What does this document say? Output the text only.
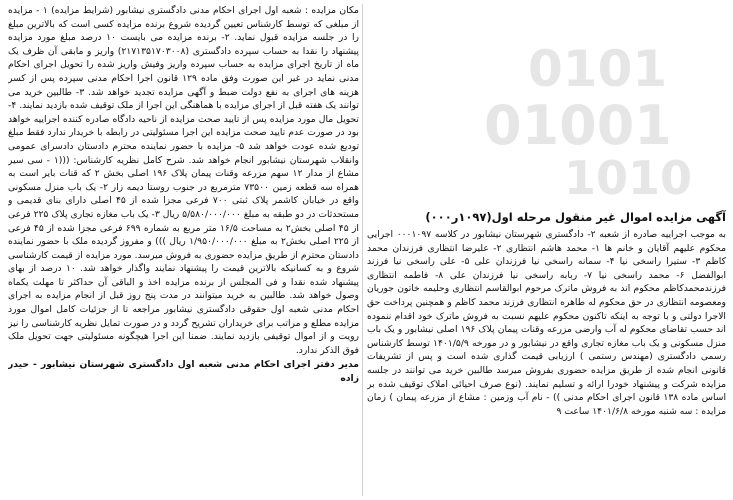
0101
01001
1010

مکان مزایده : شعبه اول اجرای احکام مدنی دادگستری نیشابور (شرایط مزایده) ۱ - مزایده از مبلغی که توسط کارشناس تعیین گردیده شروع برنده مزایده کسی است که بالاترین مبلغ را در جلسه مزایده قبول نماید. ۲- برنده مزایده می بایست ۱۰ درصد مبلغ مورد مزایده پیشنهاد را نقدا به حساب سپرده دادگستری (۲۱۷۱۳۵۱۷۰۳۰۰۸) واریز و مابقی آن ظرف یک ماه از تاریخ اجرای مزایده به حساب سپرده واریز وفیش واریز شده را تحویل اجرای احکام مدنی نماید در غیر این صورت وفق ماده ۱۲۹ قانون اجرا احکام مدنی سپرده پس از کسر هزینه های اجرای به نفع دولت ضبط و آگهی مزایده تجدید خواهد شد. ۳- طالبین خرید می توانند یک هفته قبل از اجرای مزایده با هماهنگی این اجرا از ملک توقیف شده بازدید نمایند. ۴- تحویل مال مورد مزایده پس از تایید صحت مزایده از ناحیه دادگاه صادره کننده اجراییه خواهد بود در صورت عدم تایید صحت مزایده این اجرا مسئولیتی در رابطه با خریدار ندارد فقط مبلغ تودیع شده عودت خواهد شد ۵- مزایده با حضور نماینده محترم دادستان دادسرای عمومی وانقلاب شهرستان نیشابور انجام خواهد شد. شرح کامل نظریه کارشناس: (((۱ - سی سیر مشاع از مدار ۱۲ سهم مزرعه وقنات پیمان پلاک ۱۹۶ اصلی بخش ۲ که قنات بایر است به همراه سه قطعه زمین ۷۳۵۰۰ مترمربع در جنوب روستا دیمه زار ۲- یک باب منزل مسکونی واقع در خیابان کاشمر پلاک ثبتی ۷۰۰ فرعی مجزا شده از ۴۵ اصلی دارای بنای قدیمی و مستحدثات در دو طبقه به مبلغ ۵/۵۸۰/۰۰۰/۰۰۰ ریال ۳- یک باب مغازه تجاری پلاک ۲۲۵ فرعی از ۴۵ اصلی بخش۲ به مساحت ۱۶/۵ متر مربع به شماره ۶۹۹ فرعی مجزا شده از ۴۵ فرعی از ۲۲۵ اصلی بخش۲ به مبلغ ۱/۹۵۰/۰۰۰/۰۰۰ ریال ))) و مفروز گردیده ملک با حضور نماینده دادستان محترم از طریق مزایده حضوری به فروش میرسد. مورد مزایده از قیمت کارشناسی شروع و به کسانیکه بالاترین قیمت را پیشنهاد نمایند واگذار خواهد شد. ۱۰ درصد از بهای پیشنهاد شده نقدا و فی المجلس از برنده مزایده اخذ و الباقی آن حداکثر تا مهلت یکماه وصول خواهد شد. طالبین به خرید میتوانند در مدت پنج روز قبل از انجام مزایده به اجرای احکام مدنی شعبه اول حقوقی دادگستری نیشابور مراجعه تا از جزئیات کامل اموال مورد مزایده مطلع و مراتب برای خریداران تشریح گردد و در صورت تمایل نظریه کارشناسی را نیز رویت و از اموال توقیفی بازدید نمایند. ضمنا این اجرا هیچگونه مسئولیتی جهت تحویل ملک فوق الذکر ندارد.

مدیر دفتر اجرای احکام مدنی شعبه اول دادگستری شهرستان نیشابور - حیدر زاده

آگهی مزایده اموال غیر منقول مرحله اول(۱۰۹۷ر۰۰۰)

به موجب اجراییه صادره از شعبه ۲- دادگستری شهرستان نیشابور در کلاسه ۰۰۰۱۰۹۷ اجرایی محکوم علیهم آقایان و خانم ها ۱- محمد هاشم انتظاری ۲- علیرضا انتظاری فرزندان محمد کاظم ۳- ستیرا راسخی نیا ۴- سمانه راسخی نیا فرزندان علی ۵- علی راسخی نیا فرزند ابوالفضل ۶- محمد راسخی نیا ۷- ربابه راسخی نیا فرزندان علی ۸- فاطمه انتظاری فرزندمحمدکاظم محکوم اند به فروش ماترک مرحوم ابوالقاسم انتظاری وحلیمه خاتون جوریان ومعصومه انتظاری در حق محکوم له طاهره انتظاری فرزند محمد کاظم و همچنین پرداخت حق الاجرا دولتی و با توجه به اینکه تاکنون محکوم علیهم نسبت به فروش ماترک خود اقدام ننموده اند حسب تقاضای محکوم له آب وارضی مزرعه وقنات پیمان پلاک ۱۹۶ اصلی نیشابور و یک باب منزل مسکونی و یک باب مغازه تجاری واقع در نیشابور و در مورخه ۱۴۰۱/۵/۹ توسط کارشناس رسمی دادگستری (مهندس رستمی ) ارزیابی قیمت گذاری شده است و پس از تشریفات قانونی انجام شده از طریق مزایده حضوری بفروش میرسد طالبین خرید می توانند در جلسه مزایده شرکت و پیشنهاد خودرا ارائه و تسلیم نمایند. (نوع صرف احیائی املاک توقیف شده بر اساس ماده ۱۳۸ قانون اجرای احکام مدنی )) - نام آب وزمین : مشاع از مزرعه پیمان ) زمان مزایده : سه شنبه مورخه ۱۴۰۱/۶/۸ ساعت ۹
